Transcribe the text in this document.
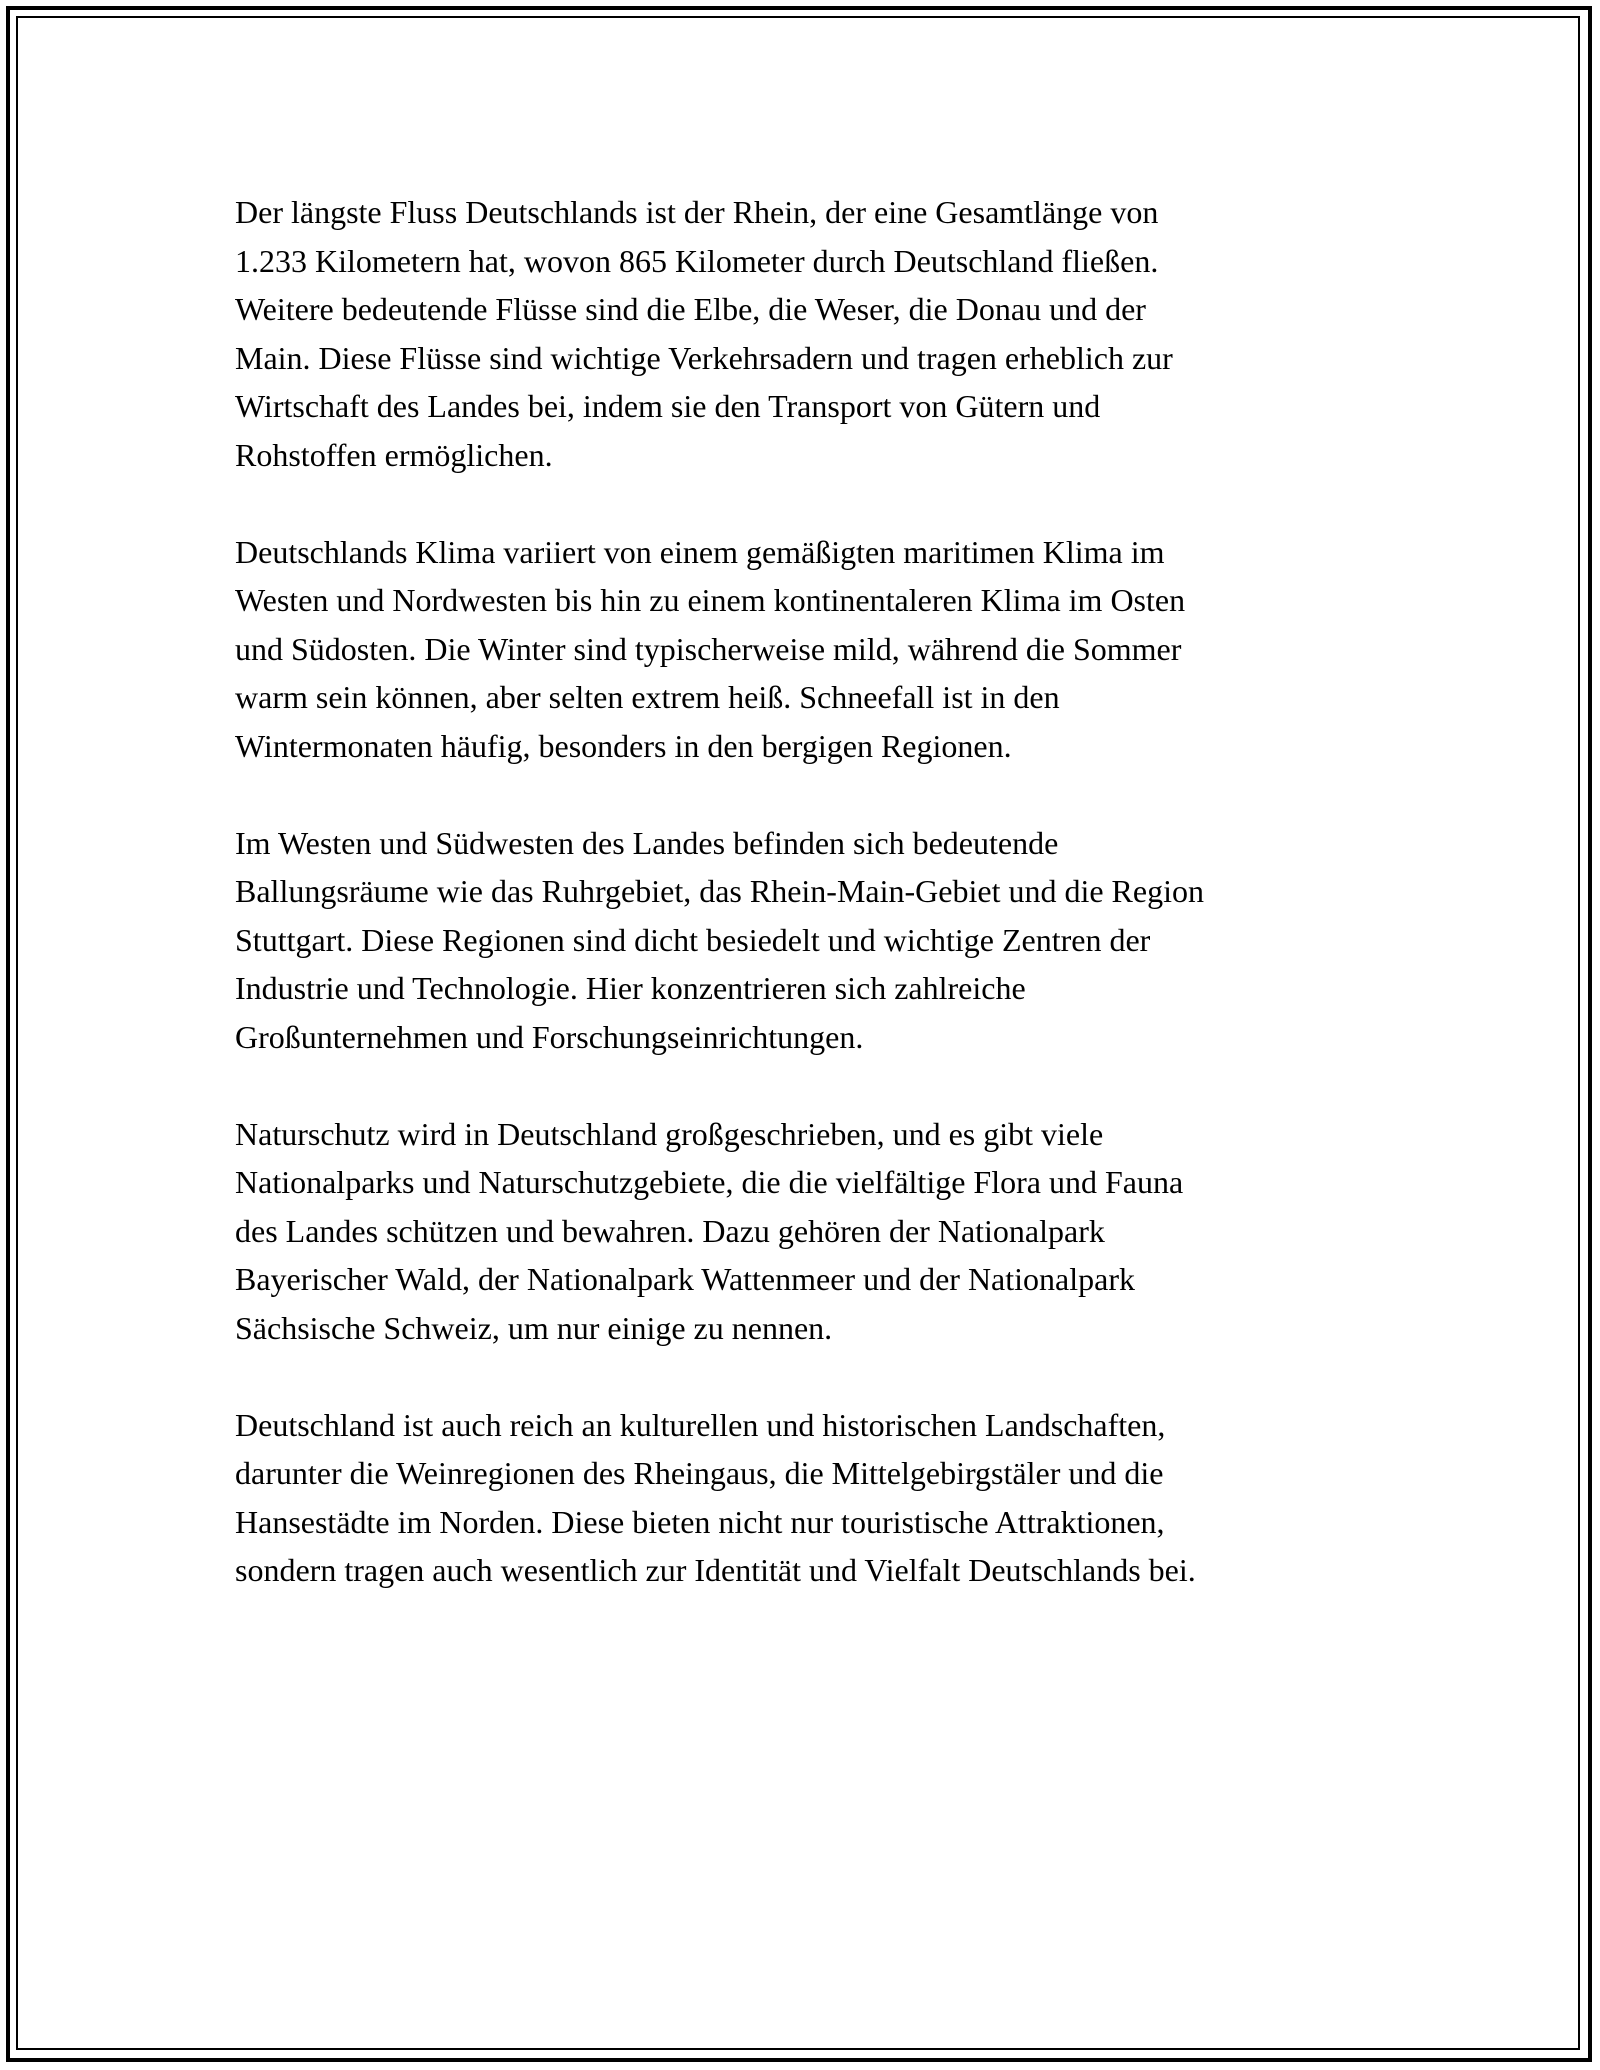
Der längste Fluss Deutschlands ist der Rhein, der eine Gesamtlänge von
1.233 Kilometern hat, wovon 865 Kilometer durch Deutschland fließen.
Weitere bedeutende Flüsse sind die Elbe, die Weser, die Donau und der
Main. Diese Flüsse sind wichtige Verkehrsadern und tragen erheblich zur
Wirtschaft des Landes bei, indem sie den Transport von Gütern und
Rohstoffen ermöglichen.

Deutschlands Klima variiert von einem gemäßigten maritimen Klima im
Westen und Nordwesten bis hin zu einem kontinentaleren Klima im Osten
und Südosten. Die Winter sind typischerweise mild, während die Sommer
warm sein können, aber selten extrem heiß. Schneefall ist in den
Wintermonaten häufig, besonders in den bergigen Regionen.

Im Westen und Südwesten des Landes befinden sich bedeutende
Ballungsräume wie das Ruhrgebiet, das Rhein-Main-Gebiet und die Region
Stuttgart. Diese Regionen sind dicht besiedelt und wichtige Zentren der
Industrie und Technologie. Hier konzentrieren sich zahlreiche
Großunternehmen und Forschungseinrichtungen.

Naturschutz wird in Deutschland großgeschrieben, und es gibt viele
Nationalparks und Naturschutzgebiete, die die vielfältige Flora und Fauna
des Landes schützen und bewahren. Dazu gehören der Nationalpark
Bayerischer Wald, der Nationalpark Wattenmeer und der Nationalpark
Sächsische Schweiz, um nur einige zu nennen.

Deutschland ist auch reich an kulturellen und historischen Landschaften,
darunter die Weinregionen des Rheingaus, die Mittelgebirgstäler und die
Hansestädte im Norden. Diese bieten nicht nur touristische Attraktionen,
sondern tragen auch wesentlich zur Identität und Vielfalt Deutschlands bei.
